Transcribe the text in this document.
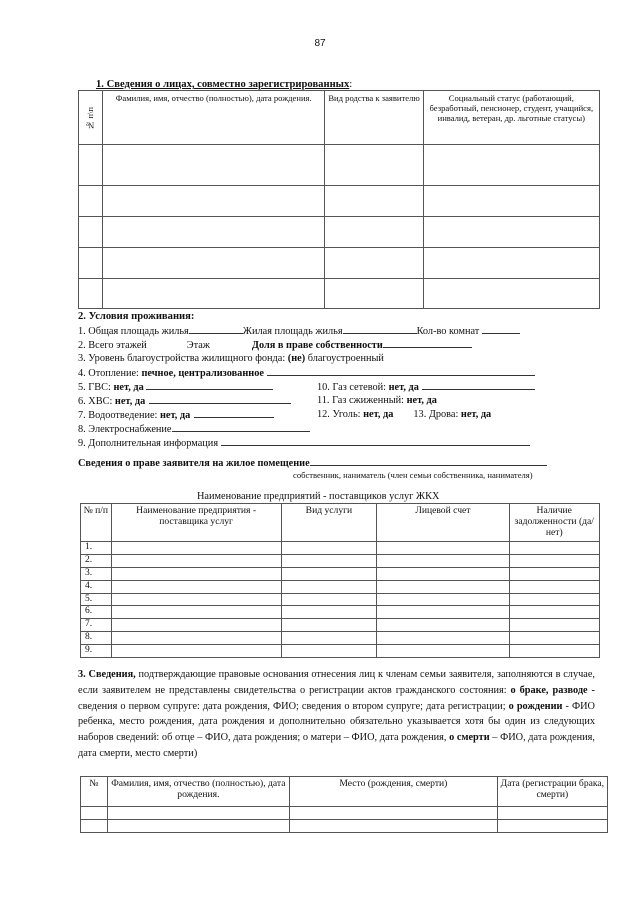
87
1. Сведения о лицах, совместно зарегистрированных:
№ п\п	Фамилия, имя, отчество (полностью), дата рождения.	Вид родства к заявителю	Социальный статус (работающий, безработный, пенсионер, студент, учащийся, инвалид, ветеран, др. льготные статусы)

2. Условия проживания:
1. Общая площадь жилья	Жилая площадь жилья	Кол-во комнат
2. Всего этажей	Этаж	Доля в праве собственности
3. Уровень благоустройства жилищного фонда: (не) благоустроенный
4. Отопление: печное, централизованное
5. ГВС: нет, да	10. Газ сетевой: нет, да
6. ХВС: нет, да	11. Газ сжиженный: нет, да
7. Водоотведение: нет, да	12. Уголь: нет, да 13. Дрова: нет, да
8. Электроснабжение
9. Дополнительная информация
Сведения о праве заявителя на жилое помещение
собственник, наниматель (член семьи собственника, нанимателя)
Наименование предприятий - поставщиков услуг ЖКХ
№ п/п	Наименование предприятия - поставщика услуг	Вид услуги	Лицевой счет	Наличие задолженности (да/нет)
1.				
2.				
3.				
4.				
5.				
6.				
7.				
8.				
9.				
3. Сведения, подтверждающие правовые основания отнесения лиц к членам семьи заявителя, заполняются в случае, если заявителем не представлены свидетельства о регистрации актов гражданского состояния: о браке, разводе - сведения о первом супруге: дата рождения, ФИО; сведения о втором супруге; дата регистрации; о рождении - ФИО ребенка, место рождения, дата рождения и дополнительно обязательно указывается хотя бы один из следующих наборов сведений: об отце – ФИО, дата рождения; о матери – ФИО, дата рождения, о смерти – ФИО, дата рождения, дата смерти, место смерти)
№	Фамилия, имя, отчество (полностью), дата рождения.	Место (рождения, смерти)	Дата (регистрации брака, смерти)
